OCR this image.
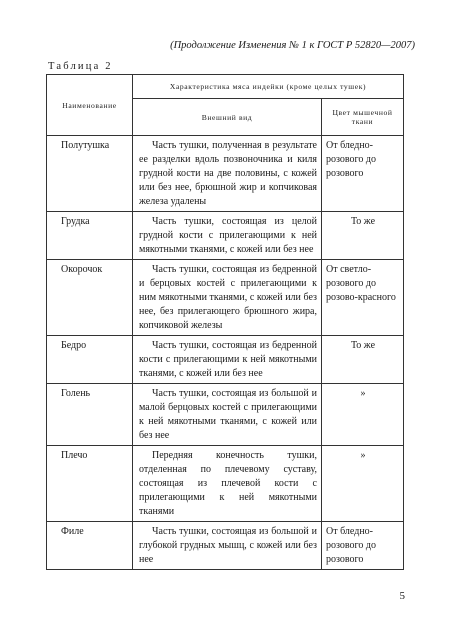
(Продолжение Изменения № 1 к ГОСТ Р 52820—2007)
Таблица 2
Наименование	Характеристика мяса индейки (кроме целых тушек)	
	Внешний вид	Цвет мышечной ткани
Полутушка	Часть тушки, полученная в результате ее разделки вдоль позвоночника и киля грудной кости на две половины, с кожей или без нее, брюшной жир и копчиковая железа удалены	От бледно-розового до розового
Грудка	Часть тушки, состоящая из целой грудной кости с прилегающими к ней мякотными тканями, с кожей или без нее	То же
Окорочок	Часть тушки, состоящая из бедренной и берцовых костей с прилегающими к ним мякотными тканями, с кожей или без нее, без прилегающего брюшного жира, копчиковой железы	От светло-розового до розово-красного
Бедро	Часть тушки, состоящая из бедренной кости с прилегающими к ней мякотными тканями, с кожей или без нее	То же
Голень	Часть тушки, состоящая из большой и малой берцовых костей с прилегающими к ней мякотными тканями, с кожей или без нее	»
Плечо	Передняя конечность тушки, отделенная по плечевому суставу, состоящая из плечевой кости с прилегающими к ней мякотными тканями	»
Филе	Часть тушки, состоящая из большой и глубокой грудных мышц, с кожей или без нее	От бледно-розового до розового
5
